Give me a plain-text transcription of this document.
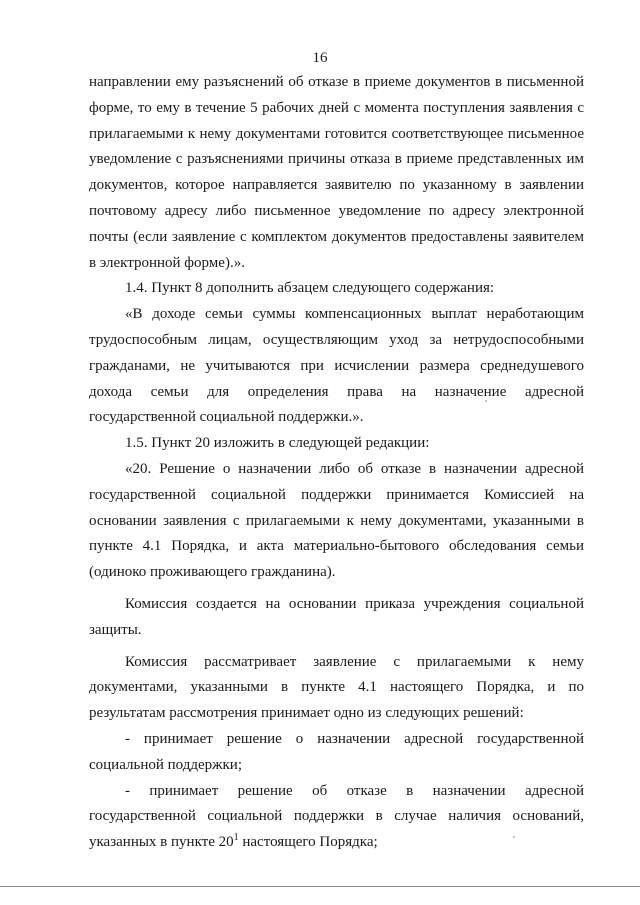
16

направлении ему разъяснений об отказе в приеме документов в письменной форме, то ему в течение 5 рабочих дней с момента поступления заявления с прилагаемыми к нему документами готовится соответствующее письменное уведомление с разъяснениями причины отказа в приеме представленных им документов, которое направляется заявителю по указанному в заявлении почтовому адресу либо письменное уведомление по адресу электронной почты (если заявление с комплектом документов предоставлены заявителем в электронной форме).».

1.4. Пункт 8 дополнить абзацем следующего содержания:

«В доходе семьи суммы компенсационных выплат неработающим трудоспособным лицам, осуществляющим уход за нетрудоспособными гражданами, не учитываются при исчислении размера среднедушевого дохода семьи для определения права на назначение адресной государственной социальной поддержки.».

1.5. Пункт 20 изложить в следующей редакции:

«20. Решение о назначении либо об отказе в назначении адресной государственной социальной поддержки принимается Комиссией на основании заявления с прилагаемыми к нему документами, указанными в пункте 4.1 Порядка, и акта материально-бытового обследования семьи (одиноко проживающего гражданина).

Комиссия создается на основании приказа учреждения социальной защиты.

Комиссия рассматривает заявление с прилагаемыми к нему документами, указанными в пункте 4.1 настоящего Порядка, и по результатам рассмотрения принимает одно из следующих решений:

- принимает решение о назначении адресной государственной социальной поддержки;

- принимает решение об отказе в назначении адресной государственной социальной поддержки в случае наличия оснований, указанных в пункте $20^1$ настоящего Порядка;
